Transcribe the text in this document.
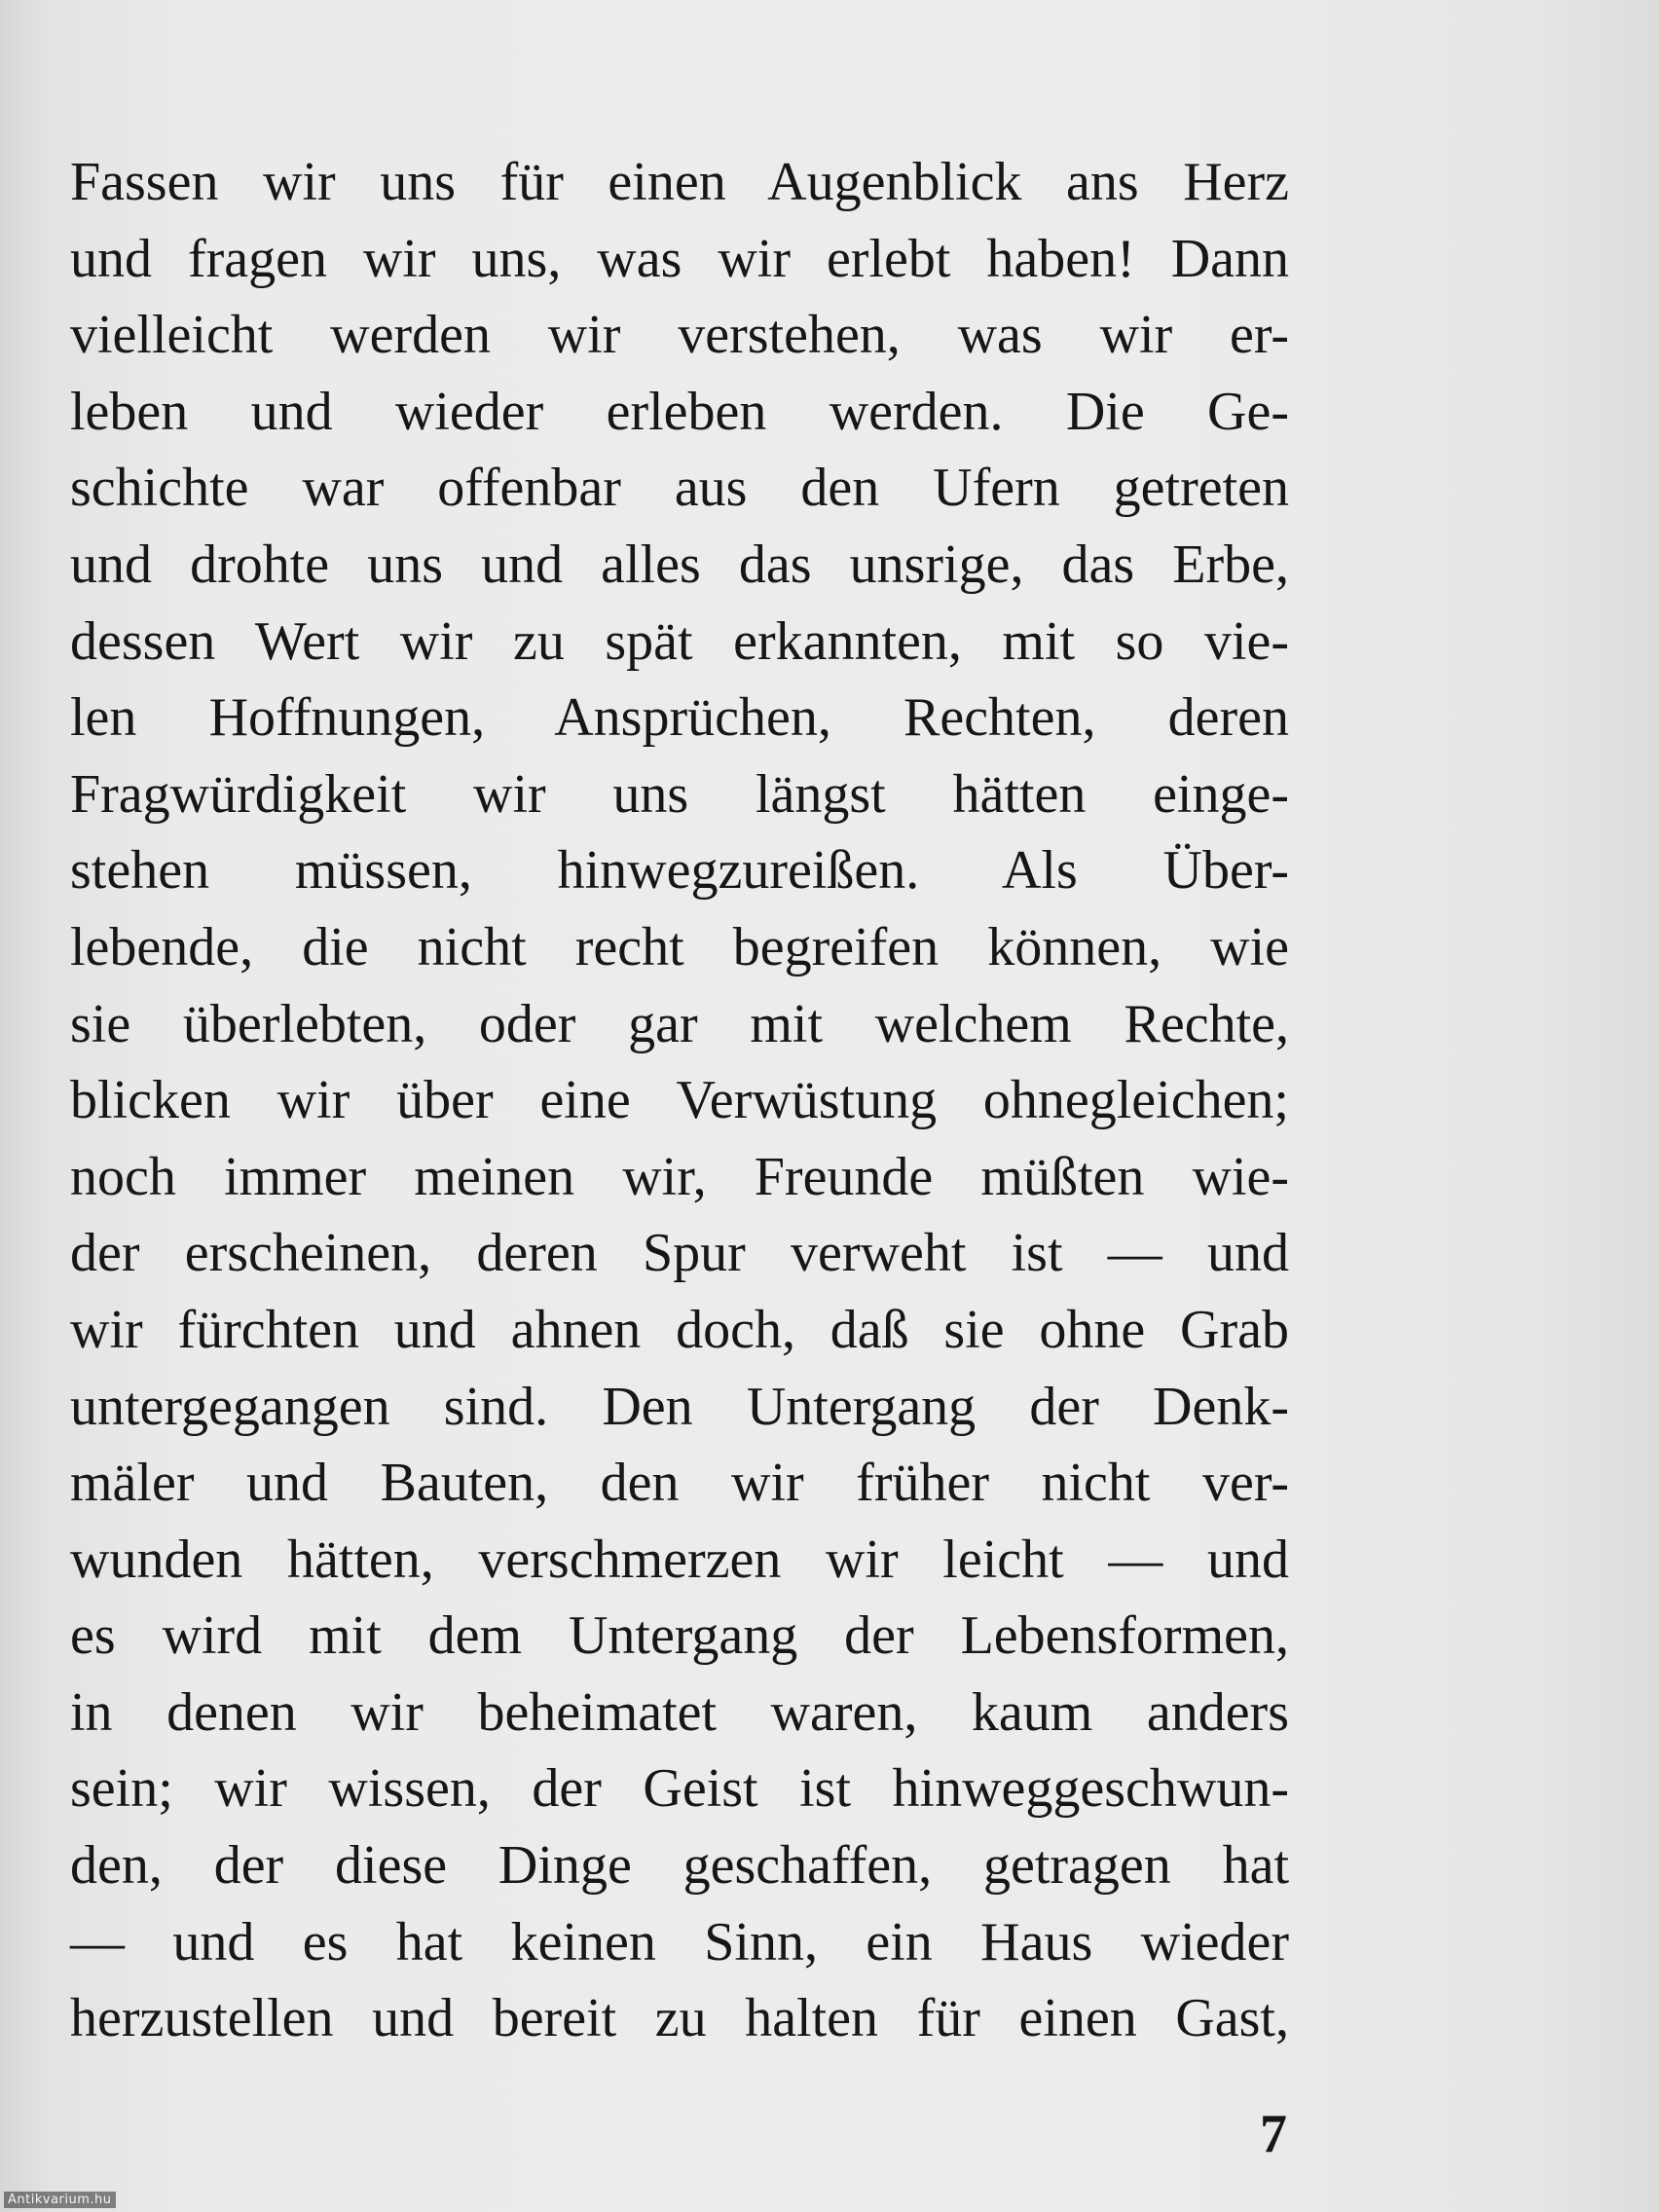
Fassen wir uns für einen Augenblick ans Herz
und fragen wir uns, was wir erlebt haben! Dann
vielleicht werden wir verstehen, was wir er-
leben und wieder erleben werden. Die Ge-
schichte war offenbar aus den Ufern getreten
und drohte uns und alles das unsrige, das Erbe,
dessen Wert wir zu spät erkannten, mit so vie-
len Hoffnungen, Ansprüchen, Rechten, deren
Fragwürdigkeit wir uns längst hätten einge-
stehen müssen, hinwegzureißen. Als Über-
lebende, die nicht recht begreifen können, wie
sie überlebten, oder gar mit welchem Rechte,
blicken wir über eine Verwüstung ohnegleichen;
noch immer meinen wir, Freunde müßten wie-
der erscheinen, deren Spur verweht ist — und
wir fürchten und ahnen doch, daß sie ohne Grab
untergegangen sind. Den Untergang der Denk-
mäler und Bauten, den wir früher nicht ver-
wunden hätten, verschmerzen wir leicht — und
es wird mit dem Untergang der Lebensformen,
in denen wir beheimatet waren, kaum anders
sein; wir wissen, der Geist ist hinweggeschwun-
den, der diese Dinge geschaffen, getragen hat
— und es hat keinen Sinn, ein Haus wieder
herzustellen und bereit zu halten für einen Gast,
7
Antikvarium.hu
